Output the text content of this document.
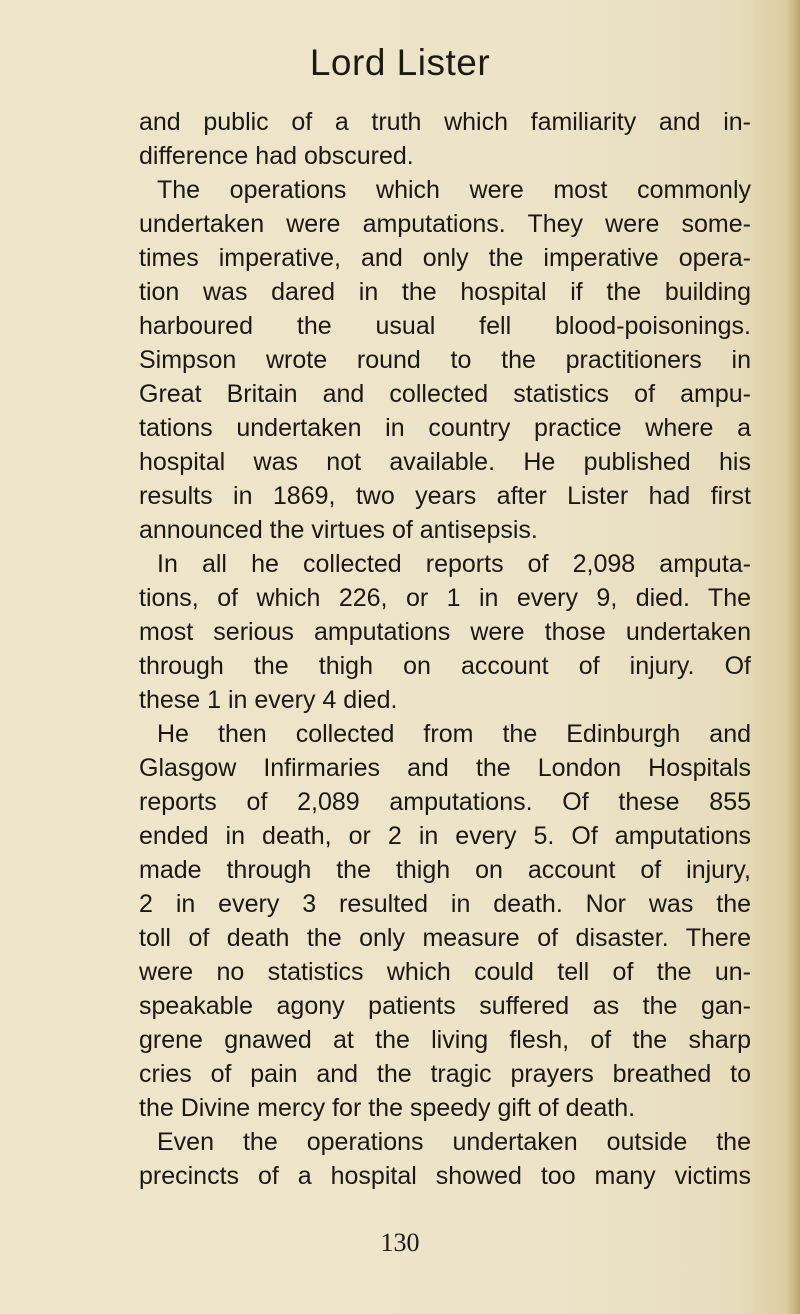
Lord Lister
and public of a truth which familiarity and in-
difference had obscured.
The operations which were most commonly
undertaken were amputations. They were some-
times imperative, and only the imperative opera-
tion was dared in the hospital if the building
harboured the usual fell blood-poisonings.
Simpson wrote round to the practitioners in
Great Britain and collected statistics of ampu-
tations undertaken in country practice where a
hospital was not available. He published his
results in 1869, two years after Lister had first
announced the virtues of antisepsis.
In all he collected reports of 2,098 amputa-
tions, of which 226, or 1 in every 9, died. The
most serious amputations were those undertaken
through the thigh on account of injury. Of
these 1 in every 4 died.
He then collected from the Edinburgh and
Glasgow Infirmaries and the London Hospitals
reports of 2,089 amputations. Of these 855
ended in death, or 2 in every 5. Of amputations
made through the thigh on account of injury,
2 in every 3 resulted in death. Nor was the
toll of death the only measure of disaster. There
were no statistics which could tell of the un-
speakable agony patients suffered as the gan-
grene gnawed at the living flesh, of the sharp
cries of pain and the tragic prayers breathed to
the Divine mercy for the speedy gift of death.
Even the operations undertaken outside the
precincts of a hospital showed too many victims
130
